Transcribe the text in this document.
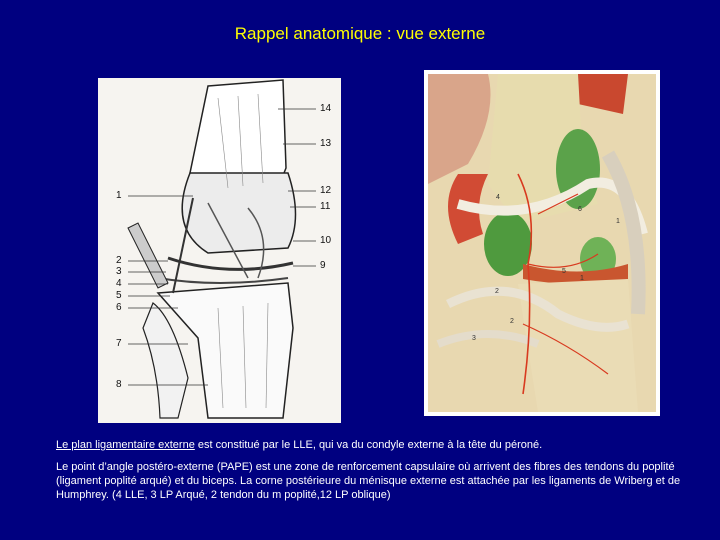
Rappel anatomique : vue externe
1
2
3
4
5
6
7
8
14
13
12
11
10
9
4
6
1
5
1
2
2
3
Le plan ligamentaire externe est constitué par le LLE, qui va du condyle externe à la tête du péroné.
Le point d’angle postéro-externe (PAPE) est une zone de renforcement capsulaire où arrivent des fibres des tendons du poplité (ligament poplité arqué) et du biceps. La corne postérieure du ménisque externe est attachée par les ligaments de Wriberg et de Humphrey. (4 LLE, 3 LP Arqué, 2 tendon du m poplité,12 LP oblique)
